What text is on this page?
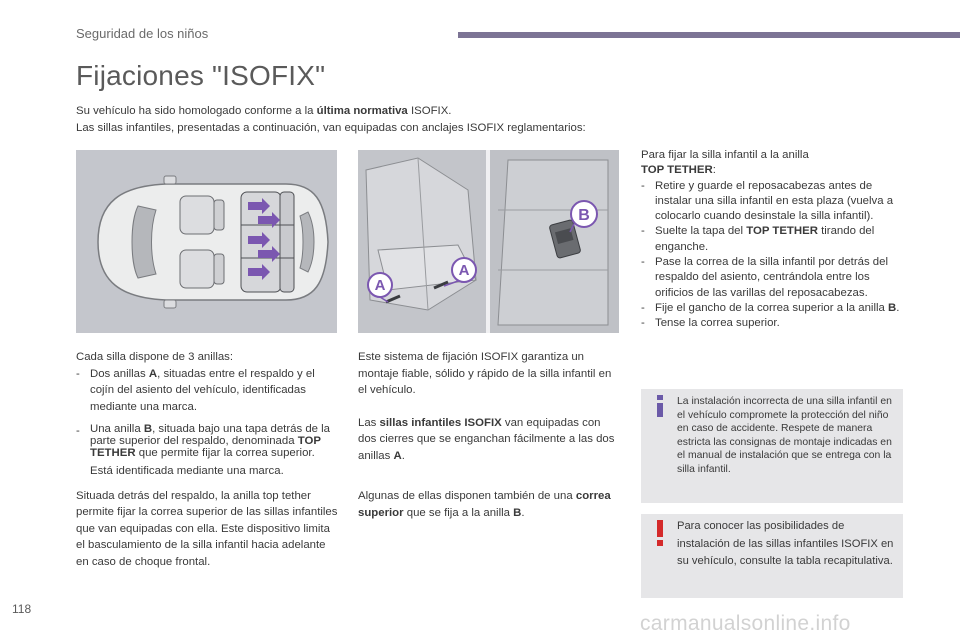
Seguridad de los niños
Fijaciones "ISOFIX"
Su vehículo ha sido homologado conforme a la última normativa ISOFIX.
Las sillas infantiles, presentadas a continuación, van equipadas con anclajes ISOFIX reglamentarios:
A
A
B
Cada silla dispone de 3 anillas:
- Dos anillas A, situadas entre el respaldo y el cojín del asiento del vehículo, identificadas mediante una marca.
- Una anilla B, situada bajo una tapa detrás de la parte superior del respaldo, denominada TOP TETHER que permite fijar la correa superior.
Está identificada mediante una marca.
Situada detrás del respaldo, la anilla top tether permite fijar la correa superior de las sillas infantiles que van equipadas con ella. Este dispositivo limita el basculamiento de la silla infantil hacia adelante en caso de choque frontal.
Este sistema de fijación ISOFIX garantiza un montaje fiable, sólido y rápido de la silla infantil en el vehículo.
Las sillas infantiles ISOFIX van equipadas con dos cierres que se enganchan fácilmente a las dos anillas A.
Algunas de ellas disponen también de una correa superior que se fija a la anilla B.
Para fijar la silla infantil a la anilla
TOP TETHER:
- Retire y guarde el reposacabezas antes de instalar una silla infantil en esta plaza (vuelva a colocarlo cuando desinstale la silla infantil).
- Suelte la tapa del TOP TETHER tirando del enganche.
- Pase la correa de la silla infantil por detrás del respaldo del asiento, centrándola entre los orificios de las varillas del reposacabezas.
- Fije el gancho de la correa superior a la anilla B.
- Tense la correa superior.
La instalación incorrecta de una silla infantil en el vehículo compromete la protección del niño en caso de accidente. Respete de manera estricta las consignas de montaje indicadas en el manual de instalación que se entrega con la silla infantil.
Para conocer las posibilidades de instalación de las sillas infantiles ISOFIX en su vehículo, consulte la tabla recapitulativa.
118
carmanualsonline.info
